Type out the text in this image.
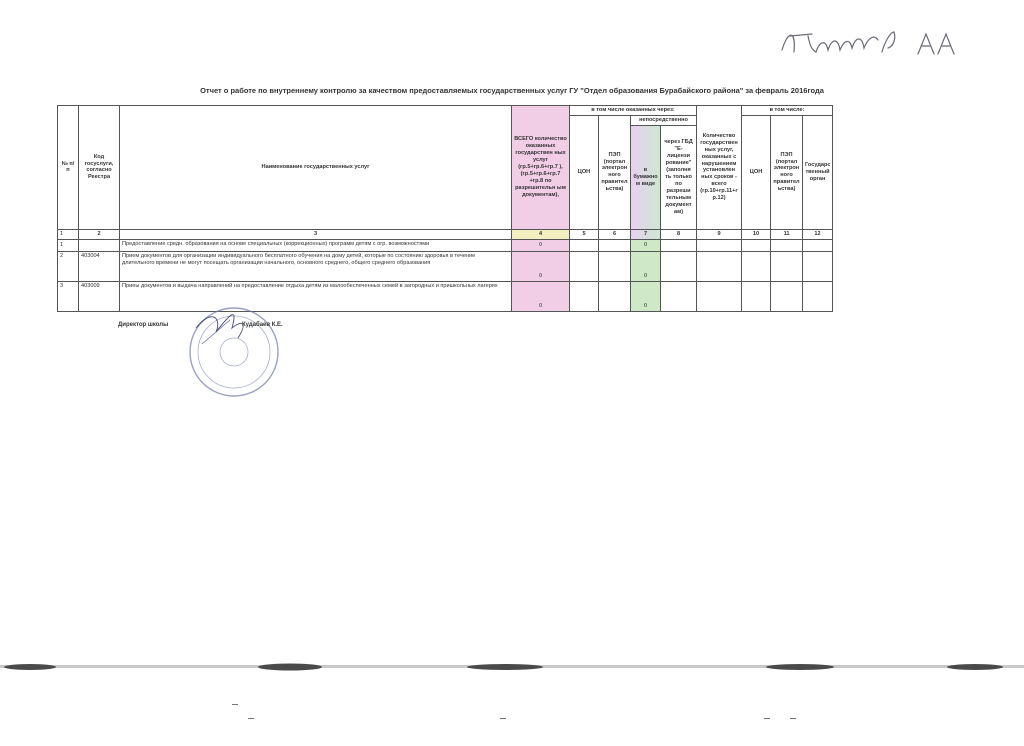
Отчет о работе по внутреннему контролю за качеством предоставляемых государственных услуг ГУ "Отдел образования Бурабайского района" за февраль 2016года
№ п/п	Код госуслуги, согласно Реестра	Наименование государственных услуг	ВСЕГО количество оказанных государствен ных услуг (гр.5+гр.6+гр.7 ), (гр.5+гр.6+гр.7 +гр.8 по разрешительн ым документам),	в том числе оказанных через:				Количество государствен ных услуг, оказанных с нарушением установлен ных сроков - всего (гр.10+гр.11+г р.12)	в том числе:		
				ЦОН	ПЭП (портал электрон ного правител ьства)	непосредственно			ЦОН	ПЭП (портал электрон ного правител ьства)	Государс твенный орган
						в бумажно м виде	через ГБД "Е-лицензи рование" (заполня ть только по разреши тельным документ ам)				
1	2	3	4	5	6	7	8	9	10	11	12
1		Предоставление средн. образования на основе специальных (коррекционных) программ детям с огр. возможностями	0			0					
2	403004	Прием документов для организации индивидуального бесплатного обучения на дому детей, которые по состоянию здоровья в течение длительного времени не могут посещать организации начального, основного среднего, общего среднего образования	0			0					
3	403009	Приеы документов и выдача направлений на предоставление отдыха детям из малообеспеченных семей в загородных и пришкольных лагерях	0			0					
Директор школы	Кудабаев К.Е.
